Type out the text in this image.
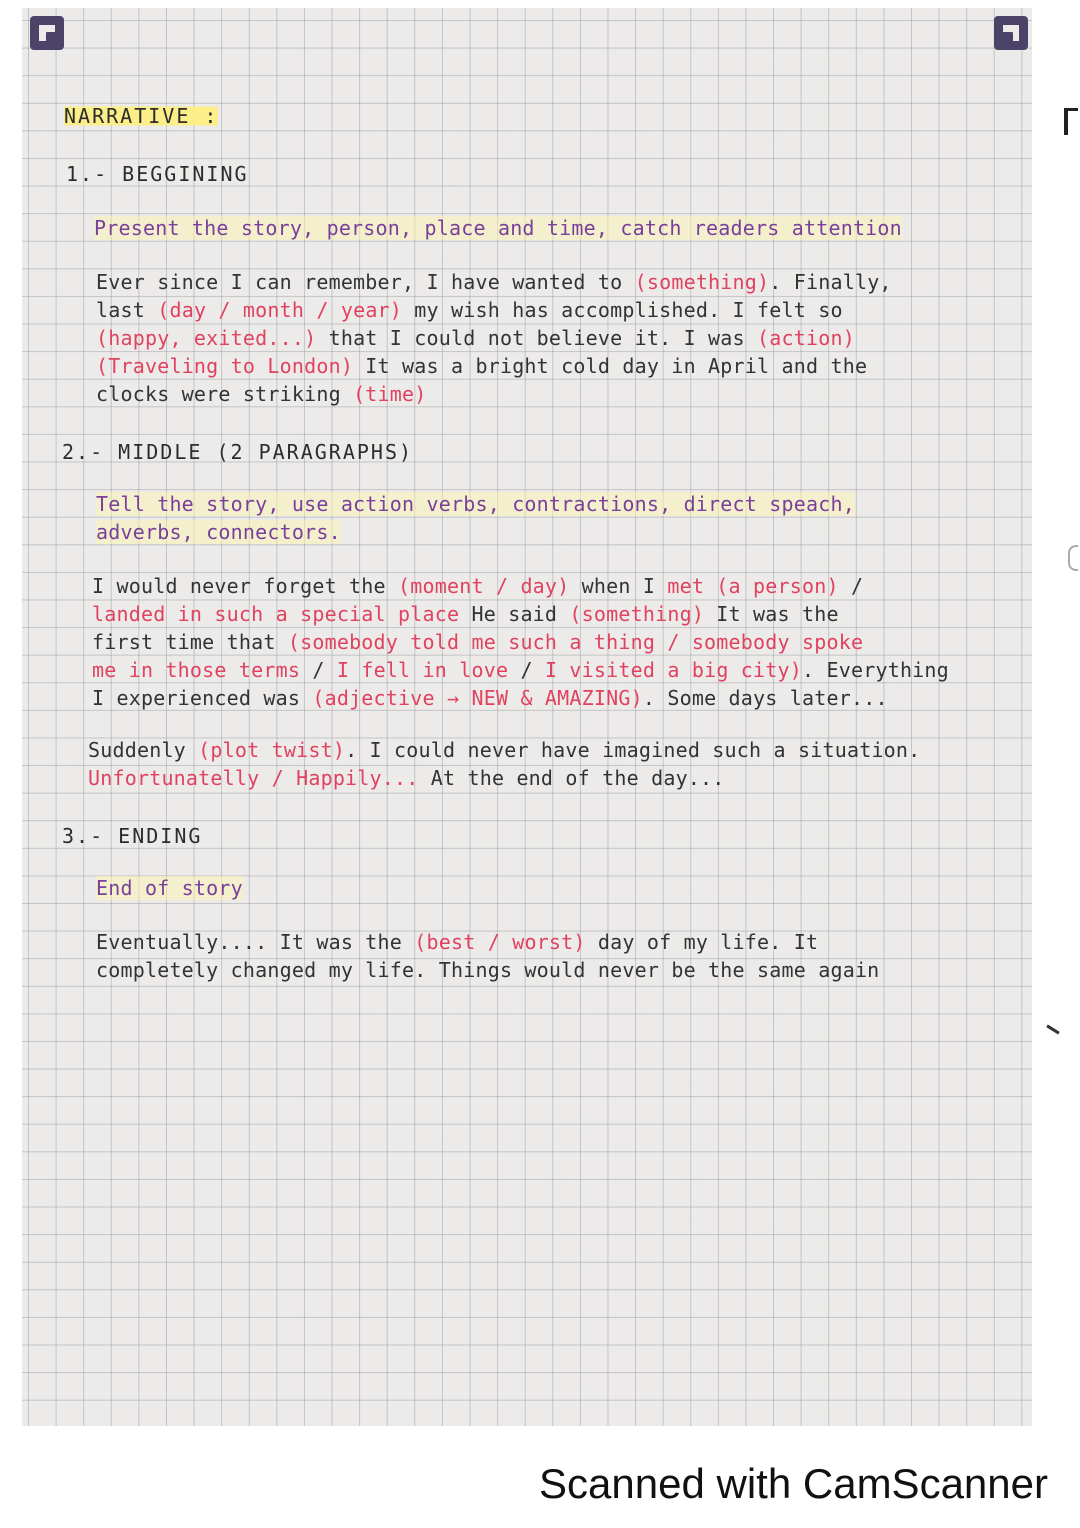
NARRATIVE :

1.- BEGGINING

Present the story, person, place and time, catch readers attention

Ever since I can remember, I have wanted to (something). Finally,

last (day / month / year) my wish has accomplished. I felt so

(happy, exited...) that I could not believe it. I was (action)

(Traveling to London) It was a bright cold day in April and the

clocks were striking (time)

2.- MIDDLE (2 PARAGRAPHS)

Tell the story, use action verbs, contractions, direct speach,

adverbs, connectors.

I would never forget the (moment / day) when I met (a person) /

landed in such a special place He said (something) It was the

first time that (somebody told me such a thing / somebody spoke

me in those terms / I fell in love / I visited a big city). Everything

I experienced was (adjective → NEW & AMAZING). Some days later...

Suddenly (plot twist). I could never have imagined such a situation.

Unfortunatelly / Happily... At the end of the day...

3.- ENDING

End of story

Eventually.... It was the (best / worst) day of my life. It

completely changed my life. Things would never be the same again

Scanned with CamScanner
